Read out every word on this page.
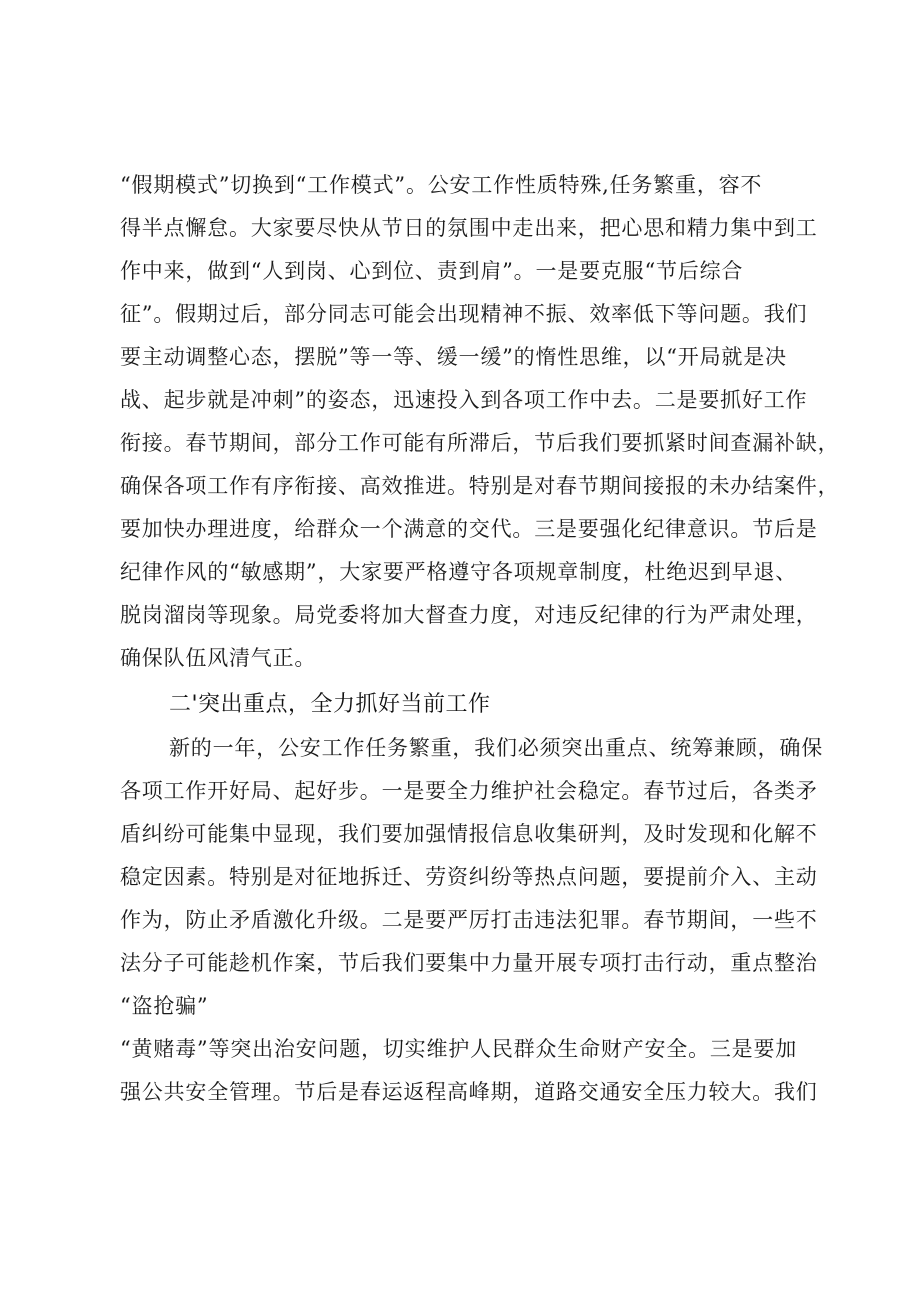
“假期模式”切换到“工作模式”。公安工作性质特殊,任务繁重，容不
得半点懈怠。大家要尽快从节日的氛围中走出来，把心思和精力集中到工
作中来，做到“人到岗、心到位、责到肩”。一是要克服“节后综合
征”。假期过后，部分同志可能会出现精神不振、效率低下等问题。我们
要主动调整心态，摆脱”等一等、缓一缓”的惰性思维，以“开局就是决
战、起步就是冲刺”的姿态，迅速投入到各项工作中去。二是要抓好工作
衔接。春节期间，部分工作可能有所滞后，节后我们要抓紧时间查漏补缺，
确保各项工作有序衔接、高效推进。特别是对春节期间接报的未办结案件，
要加快办理进度，给群众一个满意的交代。三是要强化纪律意识。节后是
纪律作风的“敏感期”，大家要严格遵守各项规章制度，杜绝迟到早退、
脱岗溜岗等现象。局党委将加大督查力度，对违反纪律的行为严肃处理，
确保队伍风清气正。
二'突出重点，全力抓好当前工作
新的一年，公安工作任务繁重，我们必须突出重点、统筹兼顾，确保
各项工作开好局、起好步。一是要全力维护社会稳定。春节过后，各类矛
盾纠纷可能集中显现，我们要加强情报信息收集研判，及时发现和化解不
稳定因素。特别是对征地拆迁、劳资纠纷等热点问题，要提前介入、主动
作为，防止矛盾激化升级。二是要严厉打击违法犯罪。春节期间，一些不
法分子可能趁机作案，节后我们要集中力量开展专项打击行动，重点整治
“盗抢骗”
“黄赌毒”等突出治安问题，切实维护人民群众生命财产安全。三是要加
强公共安全管理。节后是春运返程高峰期，道路交通安全压力较大。我们
